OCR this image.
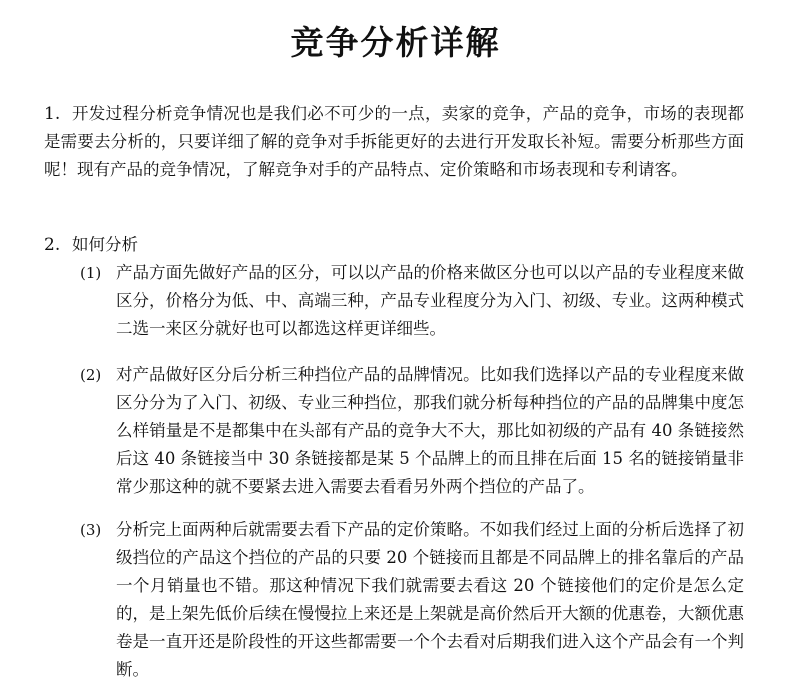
竞争分析详解
1. 开发过程分析竞争情况也是我们必不可少的一点，卖家的竞争，产品的竞争，市场的表现都是需要去分析的，只要详细了解的竞争对手拆能更好的去进行开发取长补短。需要分析那些方面呢！现有产品的竞争情况，了解竞争对手的产品特点、定价策略和市场表现和专利请客。
2. 如何分析
(1) 产品方面先做好产品的区分，可以以产品的价格来做区分也可以以产品的专业程度来做区分，价格分为低、中、高端三种，产品专业程度分为入门、初级、专业。这两种模式二选一来区分就好也可以都选这样更详细些。
(2) 对产品做好区分后分析三种挡位产品的品牌情况。比如我们选择以产品的专业程度来做区分分为了入门、初级、专业三种挡位，那我们就分析每种挡位的产品的品牌集中度怎么样销量是不是都集中在头部有产品的竞争大不大，那比如初级的产品有 40 条链接然后这 40 条链接当中 30 条链接都是某 5 个品牌上的而且排在后面 15 名的链接销量非常少那这种的就不要紧去进入需要去看看另外两个挡位的产品了。
(3) 分析完上面两种后就需要去看下产品的定价策略。不如我们经过上面的分析后选择了初级挡位的产品这个挡位的产品的只要 20 个链接而且都是不同品牌上的排名靠后的产品一个月销量也不错。那这种情况下我们就需要去看这 20 个链接他们的定价是怎么定的，是上架先低价后续在慢慢拉上来还是上架就是高价然后开大额的优惠卷，大额优惠卷是一直开还是阶段性的开这些都需要一个个去看对后期我们进入这个产品会有一个判断。
